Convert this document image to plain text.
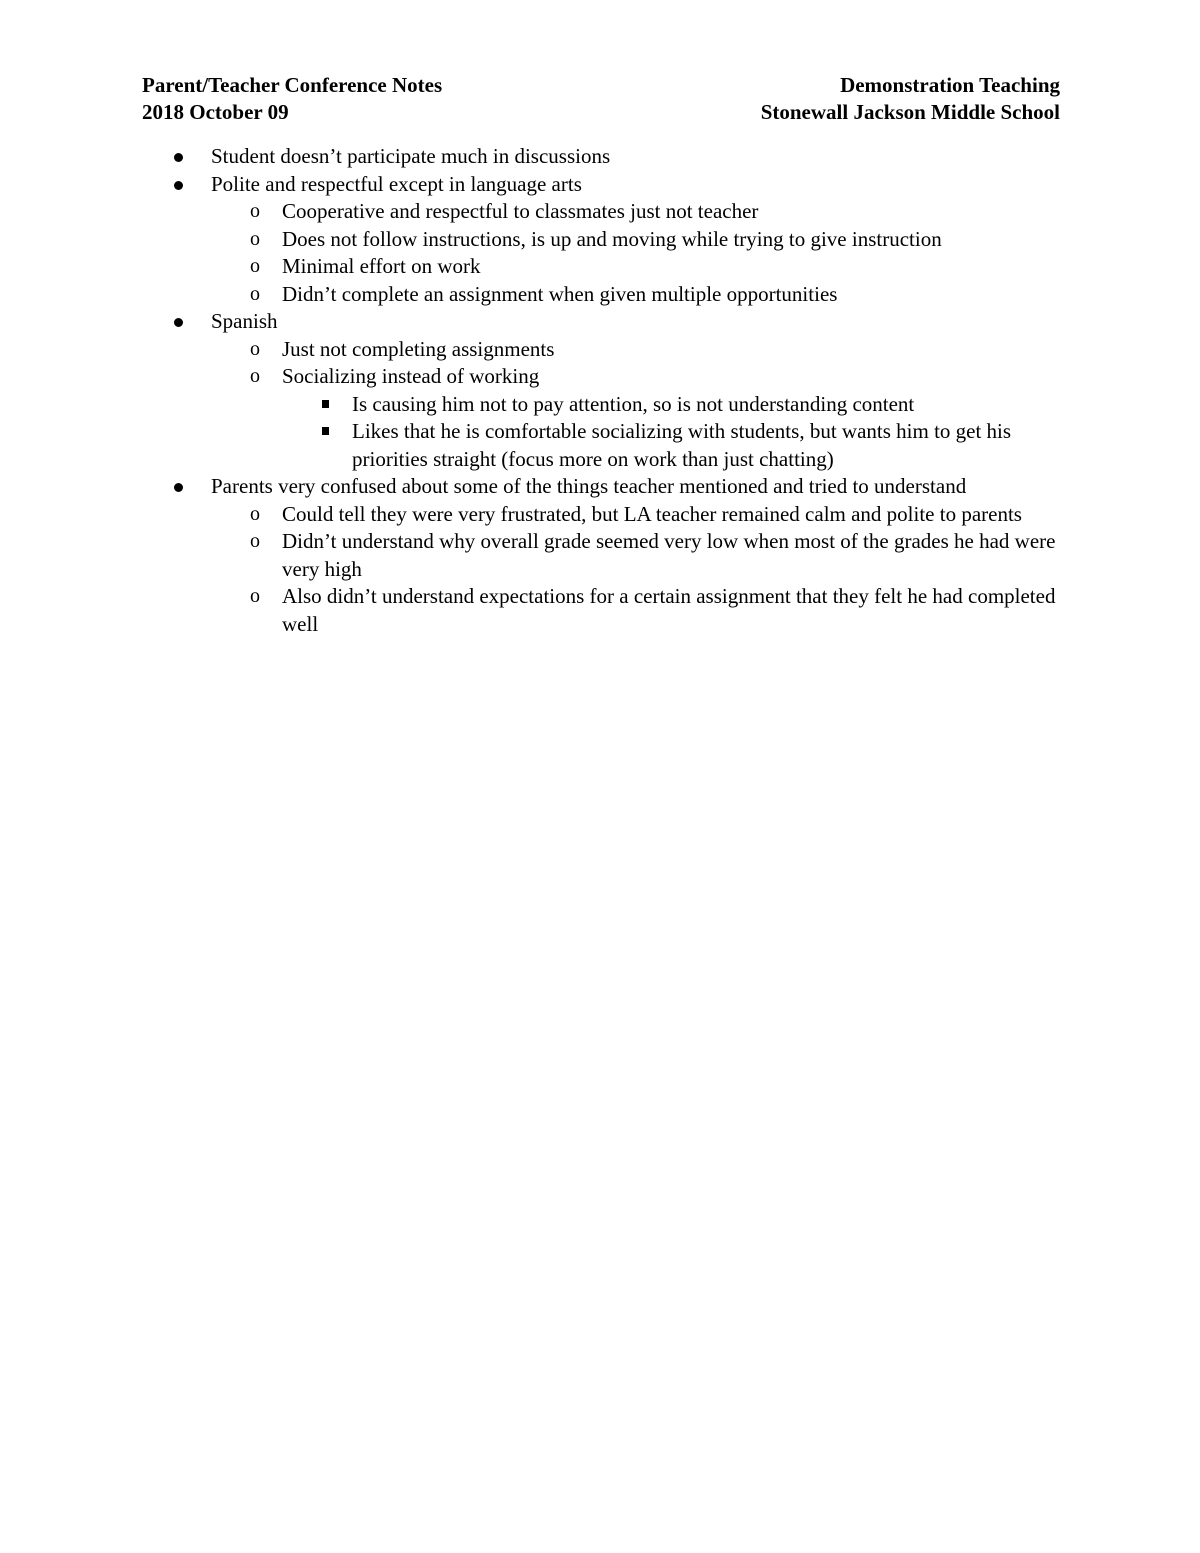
Parent/Teacher Conference Notes	Demonstration Teaching
2018 October 09	Stonewall Jackson Middle School
Student doesn’t participate much in discussions
Polite and respectful except in language arts
o Cooperative and respectful to classmates just not teacher
o Does not follow instructions, is up and moving while trying to give instruction
o Minimal effort on work
o Didn’t complete an assignment when given multiple opportunities
Spanish
o Just not completing assignments
o Socializing instead of working
Is causing him not to pay attention, so is not understanding content
Likes that he is comfortable socializing with students, but wants him to get his priorities straight (focus more on work than just chatting)
Parents very confused about some of the things teacher mentioned and tried to understand
o Could tell they were very frustrated, but LA teacher remained calm and polite to parents
o Didn’t understand why overall grade seemed very low when most of the grades he had were very high
o Also didn’t understand expectations for a certain assignment that they felt he had completed well
